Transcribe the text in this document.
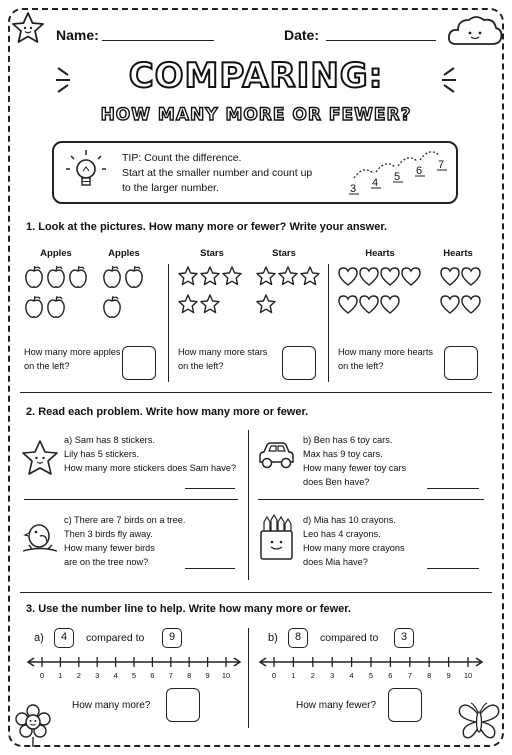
Name:	Date:
COMPARING:
HOW MANY MORE OR FEWER?
TIP: Count the difference.
Start at the smaller number and count up
to the larger number.	3 4 5 6 7
1. Look at the pictures. How many more or fewer? Write your answer.
Apples	Apples	Stars	Stars	Hearts	Hearts
How many more apples
on the left?
How many more stars
on the left?
How many more hearts
on the left?
2. Read each problem. Write how many more or fewer.
a) Sam has 8 stickers.
Lily has 5 stickers.
How many more stickers does Sam have?
b) Ben has 6 toy cars.
Max has 9 toy cars.
How many fewer toy cars
does Ben have?
c) There are 7 birds on a tree.
Then 3 birds fly away.
How many fewer birds
are on the tree now?
d) Mia has 10 crayons.
Leo has 4 crayons.
How many more crayons
does Mia have?
3. Use the number line to help. Write how many more or fewer.
a)	4	compared to	9	b)	8	compared to	3
0	1	2	3	4	5	6	7	8	9	10	0	1	2	3	4	5	6	7	8	9	10
How many more?	How many fewer?
